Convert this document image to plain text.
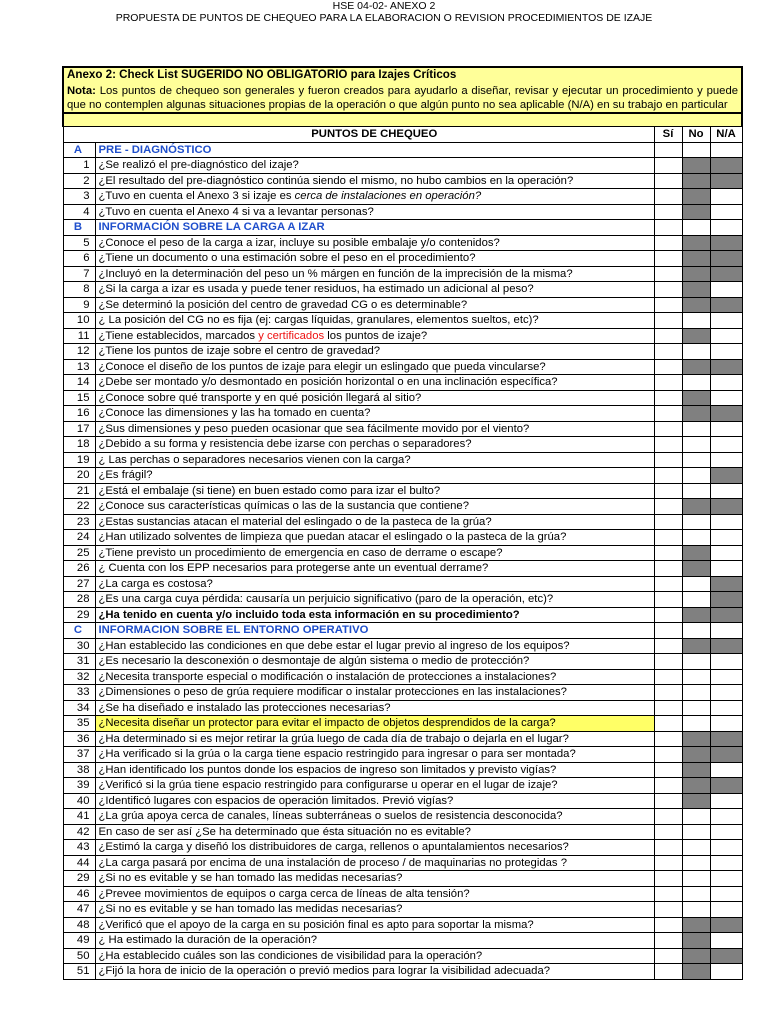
HSE 04-02- ANEXO 2
PROPUESTA DE PUNTOS DE CHEQUEO PARA LA ELABORACION O REVISION PROCEDIMIENTOS DE IZAJE
Anexo 2: Check List SUGERIDO NO OBLIGATORIO para Izajes Críticos
Nota: Los puntos de chequeo son generales y fueron creados para ayudarlo a diseñar, revisar y ejecutar un procedimiento y puede que no contemplen algunas situaciones propias de la operación o que algún punto no sea aplicable (N/A) en su trabajo en particular				

	PUNTOS DE CHEQUEO	Sí	No	N/A
A	PRE - DIAGNÓSTICO			
1	¿Se realizó el pre-diagnóstico del izaje?			
2	¿El resultado del pre-diagnóstico continúa siendo el mismo, no hubo cambios en la operación?			
3	¿Tuvo en cuenta el Anexo 3 si izaje es cerca de instalaciones en operación?			
4	¿Tuvo en cuenta el Anexo 4 si va a levantar personas?			
B	INFORMACIÓN SOBRE LA CARGA A IZAR			
5	¿Conoce el peso de la carga a izar, incluye su posible embalaje y/o contenidos?			
6	¿Tiene un documento o una estimación sobre el peso en el procedimiento?			
7	¿Incluyó en la determinación del peso un % márgen en función de la imprecisión de la misma?			
8	¿Si la carga a izar es usada y puede tener residuos, ha estimado un adicional al peso?			
9	¿Se determinó la posición del centro de gravedad CG o es determinable?			
10	¿ La posición del CG no es fija (ej: cargas líquidas, granulares, elementos sueltos, etc)?			
11	¿Tiene establecidos, marcados y certificados los puntos de izaje?			
12	¿Tiene los puntos de izaje sobre el centro de gravedad?			
13	¿Conoce el diseño de los puntos de izaje para elegir un eslingado que pueda vincularse?			
14	¿Debe ser montado y/o desmontado en posición horizontal o en una inclinación específica?			
15	¿Conoce sobre qué transporte y en qué posición llegará al sitio?			
16	¿Conoce las dimensiones y las ha tomado en cuenta?			
17	¿Sus dimensiones y peso pueden ocasionar que sea fácilmente movido por el viento?			
18	¿Debido a su forma y resistencia debe izarse con perchas o separadores?			
19	¿ Las perchas o separadores necesarios vienen con la carga?			
20	¿Es frágil?			
21	¿Está el embalaje (si tiene) en buen estado como para izar el bulto?			
22	¿Conoce sus características químicas o las de la sustancia que contiene?			
23	¿Estas sustancias atacan el material del eslingado o de la pasteca de la grúa?			
24	¿Han utilizado solventes de limpieza que puedan atacar el eslingado o la pasteca de la grúa?			
25	¿Tiene previsto un procedimiento de emergencia en caso de derrame o escape?			
26	¿ Cuenta con los EPP necesarios para protegerse ante un eventual derrame?			
27	¿La carga es costosa?			
28	¿Es una carga cuya pérdida: causaría un perjuicio significativo (paro de la operación, etc)?			
29	¿Ha tenido en cuenta y/o incluido toda esta información en su procedimiento?			
C	INFORMACION SOBRE EL ENTORNO OPERATIVO			
30	¿Han establecido las condiciones en que debe estar el lugar previo al ingreso de los equipos?			
31	¿Es necesario la desconexión o desmontaje de algún sistema o medio de protección?			
32	¿Necesita transporte especial o modificación o instalación de protecciones a instalaciones?			
33	¿Dimensiones o peso de grúa requiere modificar o instalar protecciones en las instalaciones?			
34	¿Se ha diseñado e instalado las protecciones necesarias?			
35	¿Necesita diseñar un protector para evitar el impacto de objetos desprendidos de la carga?			
36	¿Ha determinado si es mejor retirar la grúa luego de cada día de trabajo o dejarla en el lugar?			
37	¿Ha verificado si la grúa o la carga tiene espacio restringido para ingresar o para ser montada?			
38	¿Han identificado los puntos donde los espacios de ingreso son limitados y previsto vigías?			
39	¿Verificó si la grúa tiene espacio restringido para configurarse u operar en el lugar de izaje?			
40	¿Identificó lugares con espacios de operación limitados. Previó vigías?			
41	¿La grúa apoya cerca de canales, líneas subterráneas o suelos de resistencia desconocida?			
42	En caso de ser así ¿Se ha determinado que ésta situación no es evitable?			
43	¿Estimó la carga y diseñó los distribuidores de carga, rellenos o apuntalamientos necesarios?			
44	¿La carga pasará por encima de una instalación de proceso / de maquinarias no protegidas ?			
29	¿Si no es evitable y se han tomado las medidas necesarias?			
46	¿Prevee movimientos de equipos o carga cerca de líneas de alta tensión?			
47	¿Si no es evitable y se han tomado las medidas necesarias?			
48	¿Verificó que el apoyo de la carga en su posición final es apto para soportar la misma?			
49	¿ Ha estimado la duración de la operación?			
50	¿Ha establecido cuáles son las condiciones de visibilidad para la operación?			
51	¿Fijó la hora de inicio de la operación o previó medios para lograr la visibilidad adecuada?			
